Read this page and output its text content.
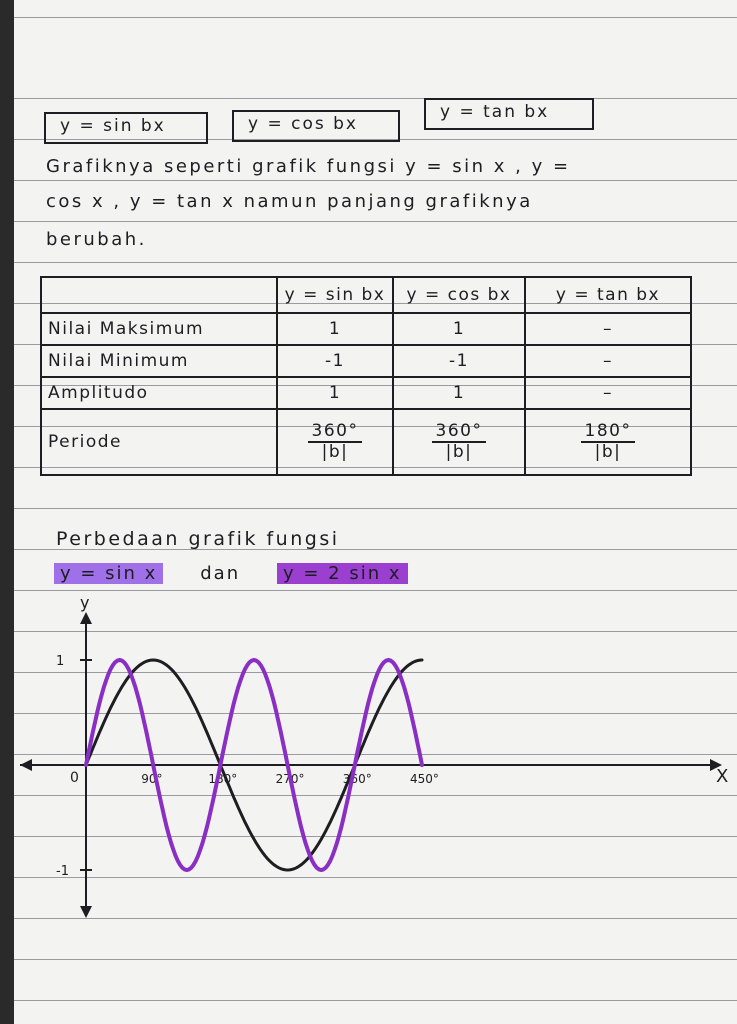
y = sin bx	y = cos bx
y = tan bx
Grafiknya seperti grafik fungsi y = sin x , y =
cos x , y = tan x namun panjang grafiknya
berubah.
	y = sin bx	y = cos bx	y = tan bx
Nilai Maksimum	1	1	–
Nilai Minimum	-1	-1	–
Amplitudo	1	1	–
Periode	$\frac{360^\circ}{|b|}$	$\frac{360^\circ}{|b|}$	$\frac{180^\circ}{|b|}$
Perbedaan grafik fungsi
y = sin x dan y = 2 sin x
X
y
0	90°	180°	270°	360°	450°
1
-1
